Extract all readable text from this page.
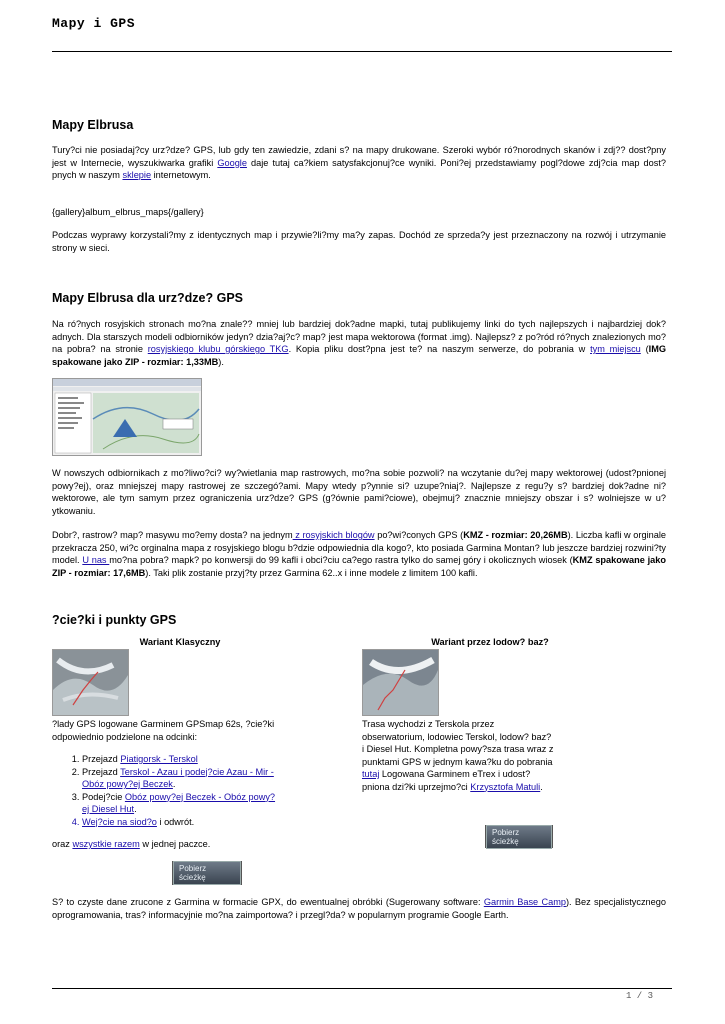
Mapy i GPS
Mapy Elbrusa
Tury?ci nie posiadaj?cy urz?dze? GPS, lub gdy ten zawiedzie, zdani s? na mapy drukowane. Szeroki wybór ró?norodnych skanów i zdj?? dost?pny jest w Internecie, wyszukiwarka grafiki Google daje tutaj ca?kiem satysfakcjonuj?ce wyniki. Poni?ej przedstawiamy pogl?dowe zdj?cia map dost?pnych w naszym sklepie internetowym.
{gallery}album_elbrus_maps{/gallery}
Podczas wyprawy korzystali?my z identycznych map i przywie?li?my ma?y zapas. Dochód ze sprzeda?y jest przeznaczony na rozwój i utrzymanie strony w sieci.
Mapy Elbrusa dla urz?dze? GPS
Na ró?nych rosyjskich stronach mo?na znale?? mniej lub bardziej dok?adne mapki, tutaj publikujemy linki do tych najlepszych i najbardziej dok?adnych. Dla starszych modeli odbiorników jedyn? dzia?aj?c? map? jest mapa wektorowa (format .img). Najlepsz? z po?ród ró?nych znalezionych mo?na pobra? na stronie rosyjskiego klubu górskiego TKG. Kopia pliku dost?pna jest te? na naszym serwerze, do pobrania w tym miejscu (IMG spakowane jako ZIP - rozmiar: 1,33MB).
W nowszych odbiornikach z mo?liwo?ci? wy?wietlania map rastrowych, mo?na sobie pozwoli? na wczytanie du?ej mapy wektorowej (udost?pnionej powy?ej), oraz mniejszej mapy rastrowej ze szczegó?ami. Mapy wtedy p?ynnie si? uzupe?niaj?. Najlepsze z regu?y s? bardziej dok?adne ni? wektorowe, ale tym samym przez ograniczenia urz?dze? GPS (g?ównie pami?ciowe), obejmuj? znacznie mniejszy obszar i s? wolniejsze w u?ytkowaniu.
Dobr?, rastrow? map? masywu mo?emy dosta? na jednym z rosyjskich blogów po?wi?conych GPS (KMZ - rozmiar: 20,26MB). Liczba kafli w orginale przekracza 250, wi?c orginalna mapa z rosyjskiego blogu b?dzie odpowiednia dla kogo?, kto posiada Garmina Montan? lub jeszcze bardziej rozwini?ty model. U nas mo?na pobra? mapk? po konwersji do 99 kafli i obci?ciu ca?ego rastra tylko do samej góry i okolicznych wiosek (KMZ spakowane jako ZIP - rozmiar: 17,6MB). Taki plik zostanie przyj?ty przez Garmina 62..x i inne modele z limitem 100 kafli.
?cie?ki i punkty GPS
Wariant Klasyczny
?lady GPS logowane Garminem GPSmap 62s, ?cie?ki odpowiednio podzielone na odcinki:
1. Przejazd Piatigorsk - Terskol
2. Przejazd Terskol - Azau i podej?cie Azau - Mir - Obóz powy?ej Beczek.
3. Podej?cie Obóz powy?ej Beczek - Obóz powy?ej Diesel Hut.
4. Wej?cie na siod?o i odwrót.
oraz wszystkie razem w jednej paczce.
Pobierz ścieżkę
Wariant przez lodow? baz?
Trasa wychodzi z Terskola przez obserwatorium, lodowiec Terskol, lodow? baz? i Diesel Hut. Kompletna powy?sza trasa wraz z punktami GPS w jednym kawa?ku do pobrania tutaj Logowana Garminem eTrex i udost?pniona dzi?ki uprzejmo?ci Krzysztofa Matuli.
Pobierz ścieżkę
S? to czyste dane zrucone z Garmina w formacie GPX, do ewentualnej obróbki (Sugerowany software: Garmin Base Camp). Bez specjalistycznego oprogramowania, tras? informacyjnie mo?na zaimportowa? i przegl?da? w popularnym programie Google Earth.
1 / 3
